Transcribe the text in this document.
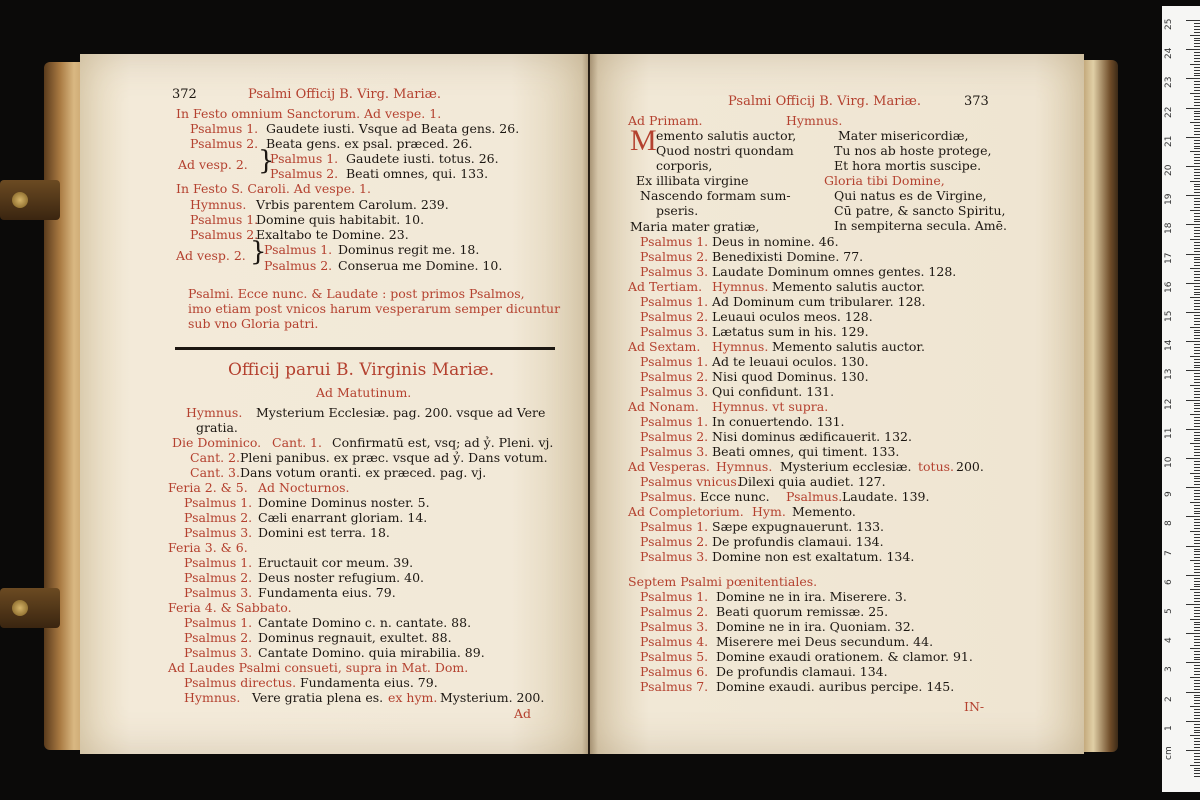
25
24
23
22
21
20
19
18
17
16
15
14
13
12
11
10
9
8
7
6
5
4
3
2
1
cm
372	Psalmi Officij B. Virg. Mariæ.
In Festo omnium Sanctorum. Ad vespe. 1.
Psalmus 1. Gaudete iusti. Vsque ad Beata gens. 26.
Psalmus 2. Beata gens. ex psal. præced. 26.
Ad vesp. 2. }
Psalmus 1. Gaudete iusti. totus. 26.
Psalmus 2. Beati omnes, qui. 133.
In Festo S. Caroli. Ad vespe. 1.
Hymnus. Vrbis parentem Carolum. 239.
Psalmus 1.
Domine quis habitabit. 10.
Psalmus 2.
Exaltabo te Domine. 23.
Ad vesp. 2. }
Psalmus 1. Dominus regit me. 18.
Psalmus 2. Conserua me Domine. 10.
Psalmi. Ecce nunc. & Laudate : post primos Psalmos,
imo etiam post vnicos harum vesperarum semper dicuntur
sub vno Gloria patri.
Officij parui B. Virginis Mariæ.
Ad Matutinum.
Hymnus. Mysterium Ecclesiæ. pag. 200. vsque ad Vere
gratia.
Die Dominico. Cant. 1. Confirmatū est, vsq; ad ỷ. Pleni. vj.
Cant. 2. Pleni panibus. ex præc. vsque ad ỷ. Dans votum.
Cant. 3. Dans votum oranti. ex præced. pag. vj.
Feria 2. & 5. Ad Nocturnos.
Psalmus 1. Domine Dominus noster. 5.
Psalmus 2. Cæli enarrant gloriam. 14.
Psalmus 3. Domini est terra. 18.
Feria 3. & 6.
Psalmus 1. Eructauit cor meum. 39.
Psalmus 2. Deus noster refugium. 40.
Psalmus 3. Fundamenta eius. 79.
Feria 4. & Sabbato.
Psalmus 1. Cantate Domino c. n. cantate. 88.
Psalmus 2. Dominus regnauit, exultet. 88.
Psalmus 3. Cantate Domino. quia mirabilia. 89.
Ad Laudes Psalmi consueti, supra in Mat. Dom.
Psalmus directus. Fundamenta eius. 79.
Hymnus. Vere gratia plena es. ex hym. Mysterium. 200.
Ad
Psalmi Officij B. Virg. Mariæ.	373
Ad Primam.	Hymnus.
M emento salutis auctor,
Quod nostri quondam
corporis,
Ex illibata virgine
Nascendo formam sum-
pseris.
Mater misericordiæ,
Tu nos ab hoste protege,
Et hora mortis suscipe.
Gloria tibi Domine,
Qui natus es de Virgine,
Cū patre, & sancto Spiritu,
In sempiterna secula. Amē.
Maria mater gratiæ,
Psalmus 1. Deus in nomine. 46.
Psalmus 2. Benedixisti Domine. 77.
Psalmus 3. Laudate Dominum omnes gentes. 128.
Ad Tertiam. Hymnus. Memento salutis auctor.
Psalmus 1. Ad Dominum cum tribularer. 128.
Psalmus 2. Leuaui oculos meos. 128.
Psalmus 3. Lætatus sum in his. 129.
Ad Sextam. Hymnus. Memento salutis auctor.
Psalmus 1. Ad te leuaui oculos. 130.
Psalmus 2. Nisi quod Dominus. 130.
Psalmus 3. Qui confidunt. 131.
Ad Nonam. Hymnus. vt supra.
Psalmus 1. In conuertendo. 131.
Psalmus 2. Nisi dominus ædificauerit. 132.
Psalmus 3. Beati omnes, qui timent. 133.
Ad Vesperas. Hymnus. Mysterium ecclesiæ. totus. 200.
Psalmus vnicus.
Dilexi quia audiet. 127.
Psalmus. Ecce nunc. Psalmus. Laudate. 139.
Ad Completorium. Hym. Memento.
Psalmus 1. Sæpe expugnauerunt. 133.
Psalmus 2. De profundis clamaui. 134.
Psalmus 3. Domine non est exaltatum. 134.
Septem Psalmi pœnitentiales.
Psalmus 1. Domine ne in ira. Miserere. 3.
Psalmus 2. Beati quorum remissæ. 25.
Psalmus 3. Domine ne in ira. Quoniam. 32.
Psalmus 4. Miserere mei Deus secundum. 44.
Psalmus 5. Domine exaudi orationem. & clamor. 91.
Psalmus 6. De profundis clamaui. 134.
Psalmus 7. Domine exaudi. auribus percipe. 145.
IN-
